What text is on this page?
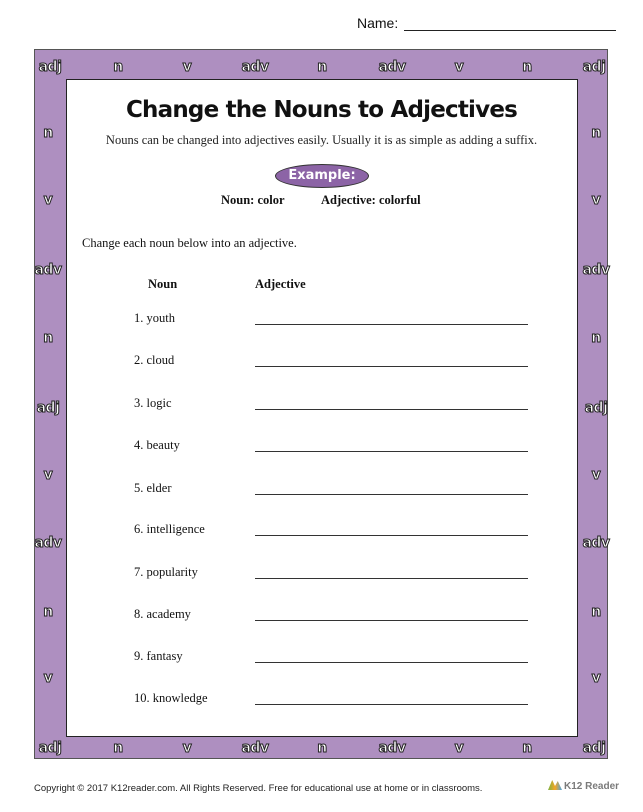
Name:
adj
adj
n
n
v
v
adv
adv
n
n
adv
adv
v
v
n
n
adj
adj
n	n
v	v
adv	adv
n	n
adj	adj
v	v
adv	adv
n	n
v	v
Change the Nouns to Adjectives
Nouns can be changed into adjectives easily. Usually it is as simple as adding a suffix.
Example:
Noun: color	Adjective: colorful
Change each noun below into an adjective.
Noun	Adjective
1. youth
2. cloud
3. logic
4. beauty
5. elder
6. intelligence
7. popularity
8. academy
9. fantasy
10. knowledge
Copyright © 2017 K12reader.com. All Rights Reserved. Free for educational use at home or in classrooms.	K12 Reader
